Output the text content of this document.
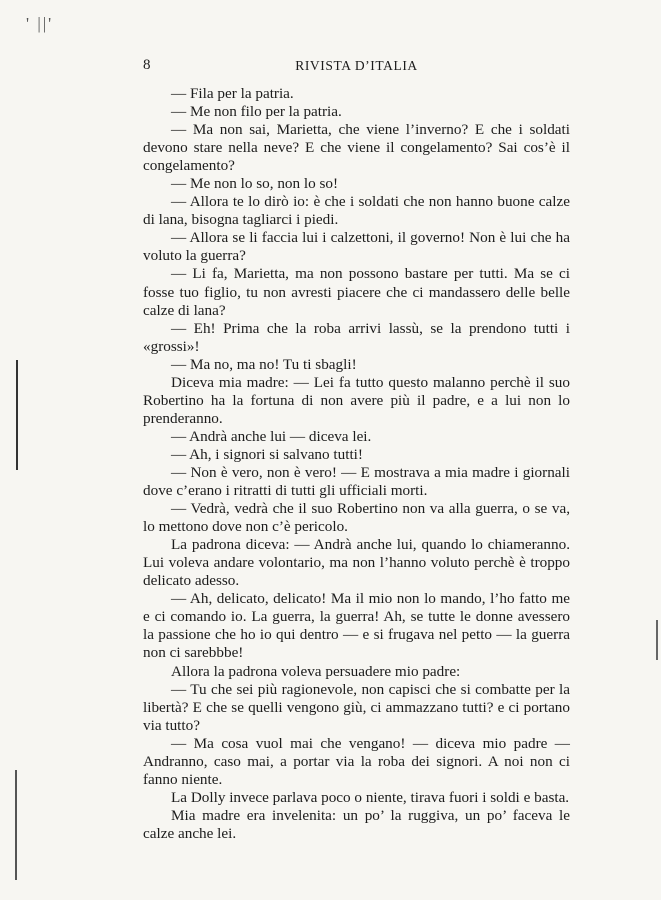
' ||'
8	RIVISTA D’ITALIA

— Fila per la patria.

— Me non filo per la patria.

— Ma non sai, Marietta, che viene l’inverno? E che i soldati devono stare nella neve? E che viene il congelamento? Sai cos’è il congelamento?

— Me non lo so, non lo so!

— Allora te lo dirò io: è che i soldati che non hanno buone calze di lana, bisogna tagliarci i piedi.

— Allora se li faccia lui i calzettoni, il governo! Non è lui che ha voluto la guerra?

— Li fa, Marietta, ma non possono bastare per tutti. Ma se ci fosse tuo figlio, tu non avresti piacere che ci mandassero delle belle calze di lana?

— Eh! Prima che la roba arrivi lassù, se la prendono tutti i «grossi»!

— Ma no, ma no! Tu ti sbagli!

Diceva mia madre: — Lei fa tutto questo malanno perchè il suo Robertino ha la fortuna di non avere più il padre, e a lui non lo prenderanno.

— Andrà anche lui — diceva lei.

— Ah, i signori si salvano tutti!

— Non è vero, non è vero! — E mostrava a mia madre i giornali dove c’erano i ritratti di tutti gli ufficiali morti.

— Vedrà, vedrà che il suo Robertino non va alla guerra, o se va, lo mettono dove non c’è pericolo.

La padrona diceva: — Andrà anche lui, quando lo chiameranno. Lui voleva andare volontario, ma non l’hanno voluto perchè è troppo delicato adesso.

— Ah, delicato, delicato! Ma il mio non lo mando, l’ho fatto me e ci comando io. La guerra, la guerra! Ah, se tutte le donne avessero la passione che ho io qui dentro — e si frugava nel petto — la guerra non ci sarebbbe!

Allora la padrona voleva persuadere mio padre:

— Tu che sei più ragionevole, non capisci che si combatte per la libertà? E che se quelli vengono giù, ci ammazzano tutti? e ci portano via tutto?

— Ma cosa vuol mai che vengano! — diceva mio padre — Andranno, caso mai, a portar via la roba dei signori. A noi non ci fanno niente.

La Dolly invece parlava poco o niente, tirava fuori i soldi e basta.

Mia madre era invelenita: un po’ la ruggiva, un po’ faceva le calze anche lei.
